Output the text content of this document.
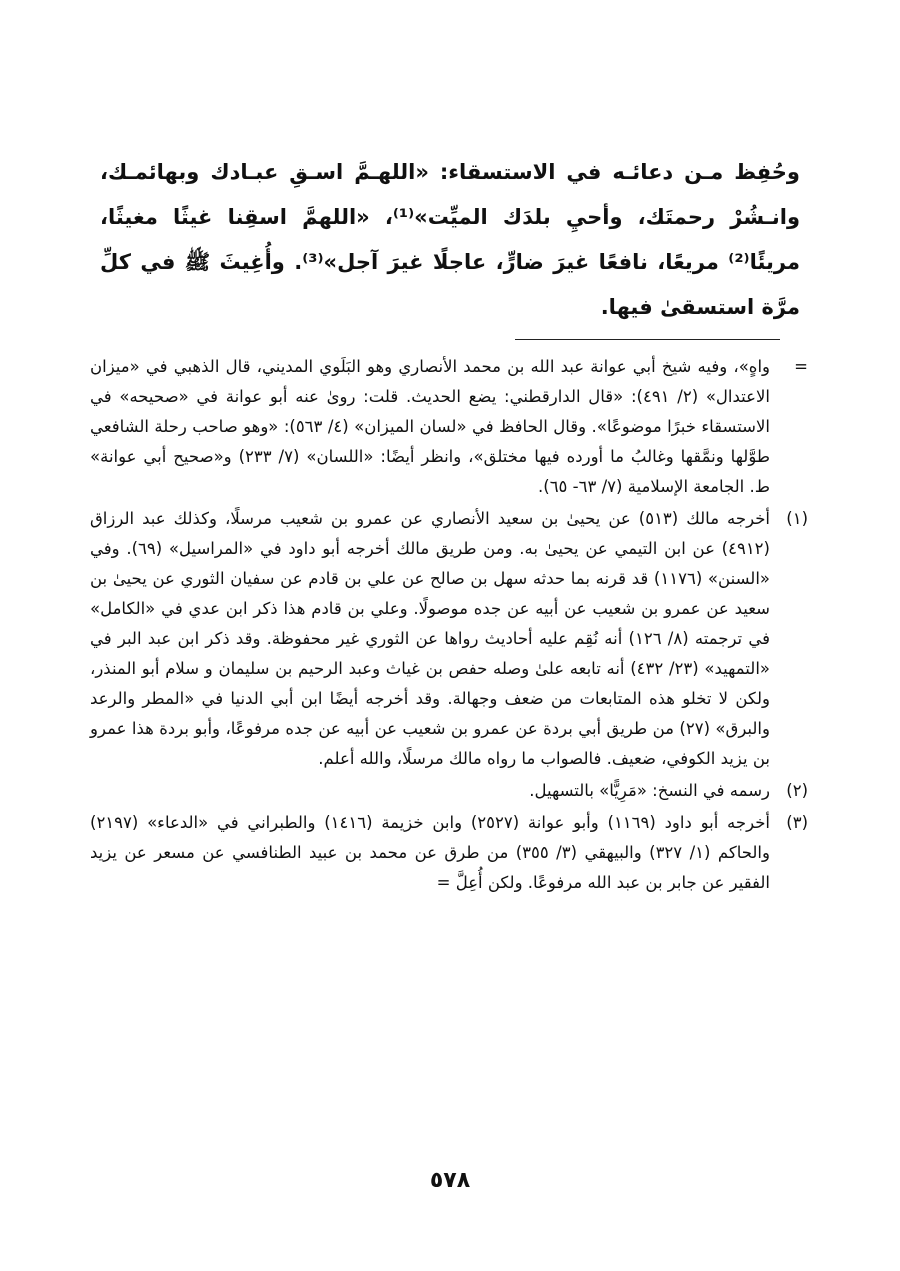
وحُفِظ مـن دعائـه في الاستسقاء: «اللهـمَّ اسـقِ عبـادك وبهائمـك، وانـشُرْ رحمتَك، وأحيِ بلدَك الميِّت»⁽¹⁾، «اللهمَّ اسقِنا غيثًا مغيثًا، مريئًا⁽²⁾ مريعًا، نافعًا غيرَ ضارٍّ، عاجلًا غيرَ آجل»⁽³⁾. وأُغِيثَ ﷺ في كلِّ مرَّة استسقىٰ فيها.

=
واهٍ»، وفيه شيخ أبي عوانة عبد الله بن محمد الأنصاري وهو البَلَوي المديني، قال الذهبي في «ميزان الاعتدال» (٢/ ٤٩١): «قال الدارقطني: يضع الحديث. قلت: روىٰ عنه أبو عوانة في «صحيحه» في الاستسقاء خبرًا موضوعًا». وقال الحافظ في «لسان الميزان» (٤/ ٥٦٣): «وهو صاحب رحلة الشافعي طوَّلها ونمَّقها وغالبُ ما أورده فيها مختلق»، وانظر أيضًا: «اللسان» (٧/ ٢٣٣) و«صحيح أبي عوانة» ط. الجامعة الإسلامية (٧/ ٦٣- ٦٥).
(١)
أخرجه مالك (٥١٣) عن يحيىٰ بن سعيد الأنصاري عن عمرو بن شعيب مرسلًا، وكذلك عبد الرزاق (٤٩١٢) عن ابن التيمي عن يحيىٰ به. ومن طريق مالك أخرجه أبو داود في «المراسيل» (٦٩). وفي «السنن» (١١٧٦) قد قرنه بما حدثه سهل بن صالح عن علي بن قادم عن سفيان الثوري عن يحيىٰ بن سعيد عن عمرو بن شعيب عن أبيه عن جده موصولًا. وعلي بن قادم هذا ذكر ابن عدي في «الكامل» في ترجمته (٨/ ١٢٦) أنه نُقِم عليه أحاديث رواها عن الثوري غير محفوظة. وقد ذكر ابن عبد البر في «التمهيد» (٢٣/ ٤٣٢) أنه تابعه علىٰ وصله حفص بن غياث وعبد الرحيم بن سليمان و سلام أبو المنذر، ولكن لا تخلو هذه المتابعات من ضعف وجهالة. وقد أخرجه أيضًا ابن أبي الدنيا في «المطر والرعد والبرق» (٢٧) من طريق أبي بردة عن عمرو بن شعيب عن أبيه عن جده مرفوعًا، وأبو بردة هذا عمرو بن يزيد الكوفي، ضعيف. فالصواب ما رواه مالك مرسلًا، والله أعلم.
(٢)
رسمه في النسخ: «مَرِيًّا» بالتسهيل.
(٣)
أخرجه أبو داود (١١٦٩) وأبو عوانة (٢٥٢٧) وابن خزيمة (١٤١٦) والطبراني في «الدعاء» (٢١٩٧) والحاكم (١/ ٣٢٧) والبيهقي (٣/ ٣٥٥) من طرق عن محمد بن عبيد الطنافسي عن مسعر عن يزيد الفقير عن جابر بن عبد الله مرفوعًا. ولكن أُعِلَّ =
٥٧٨
